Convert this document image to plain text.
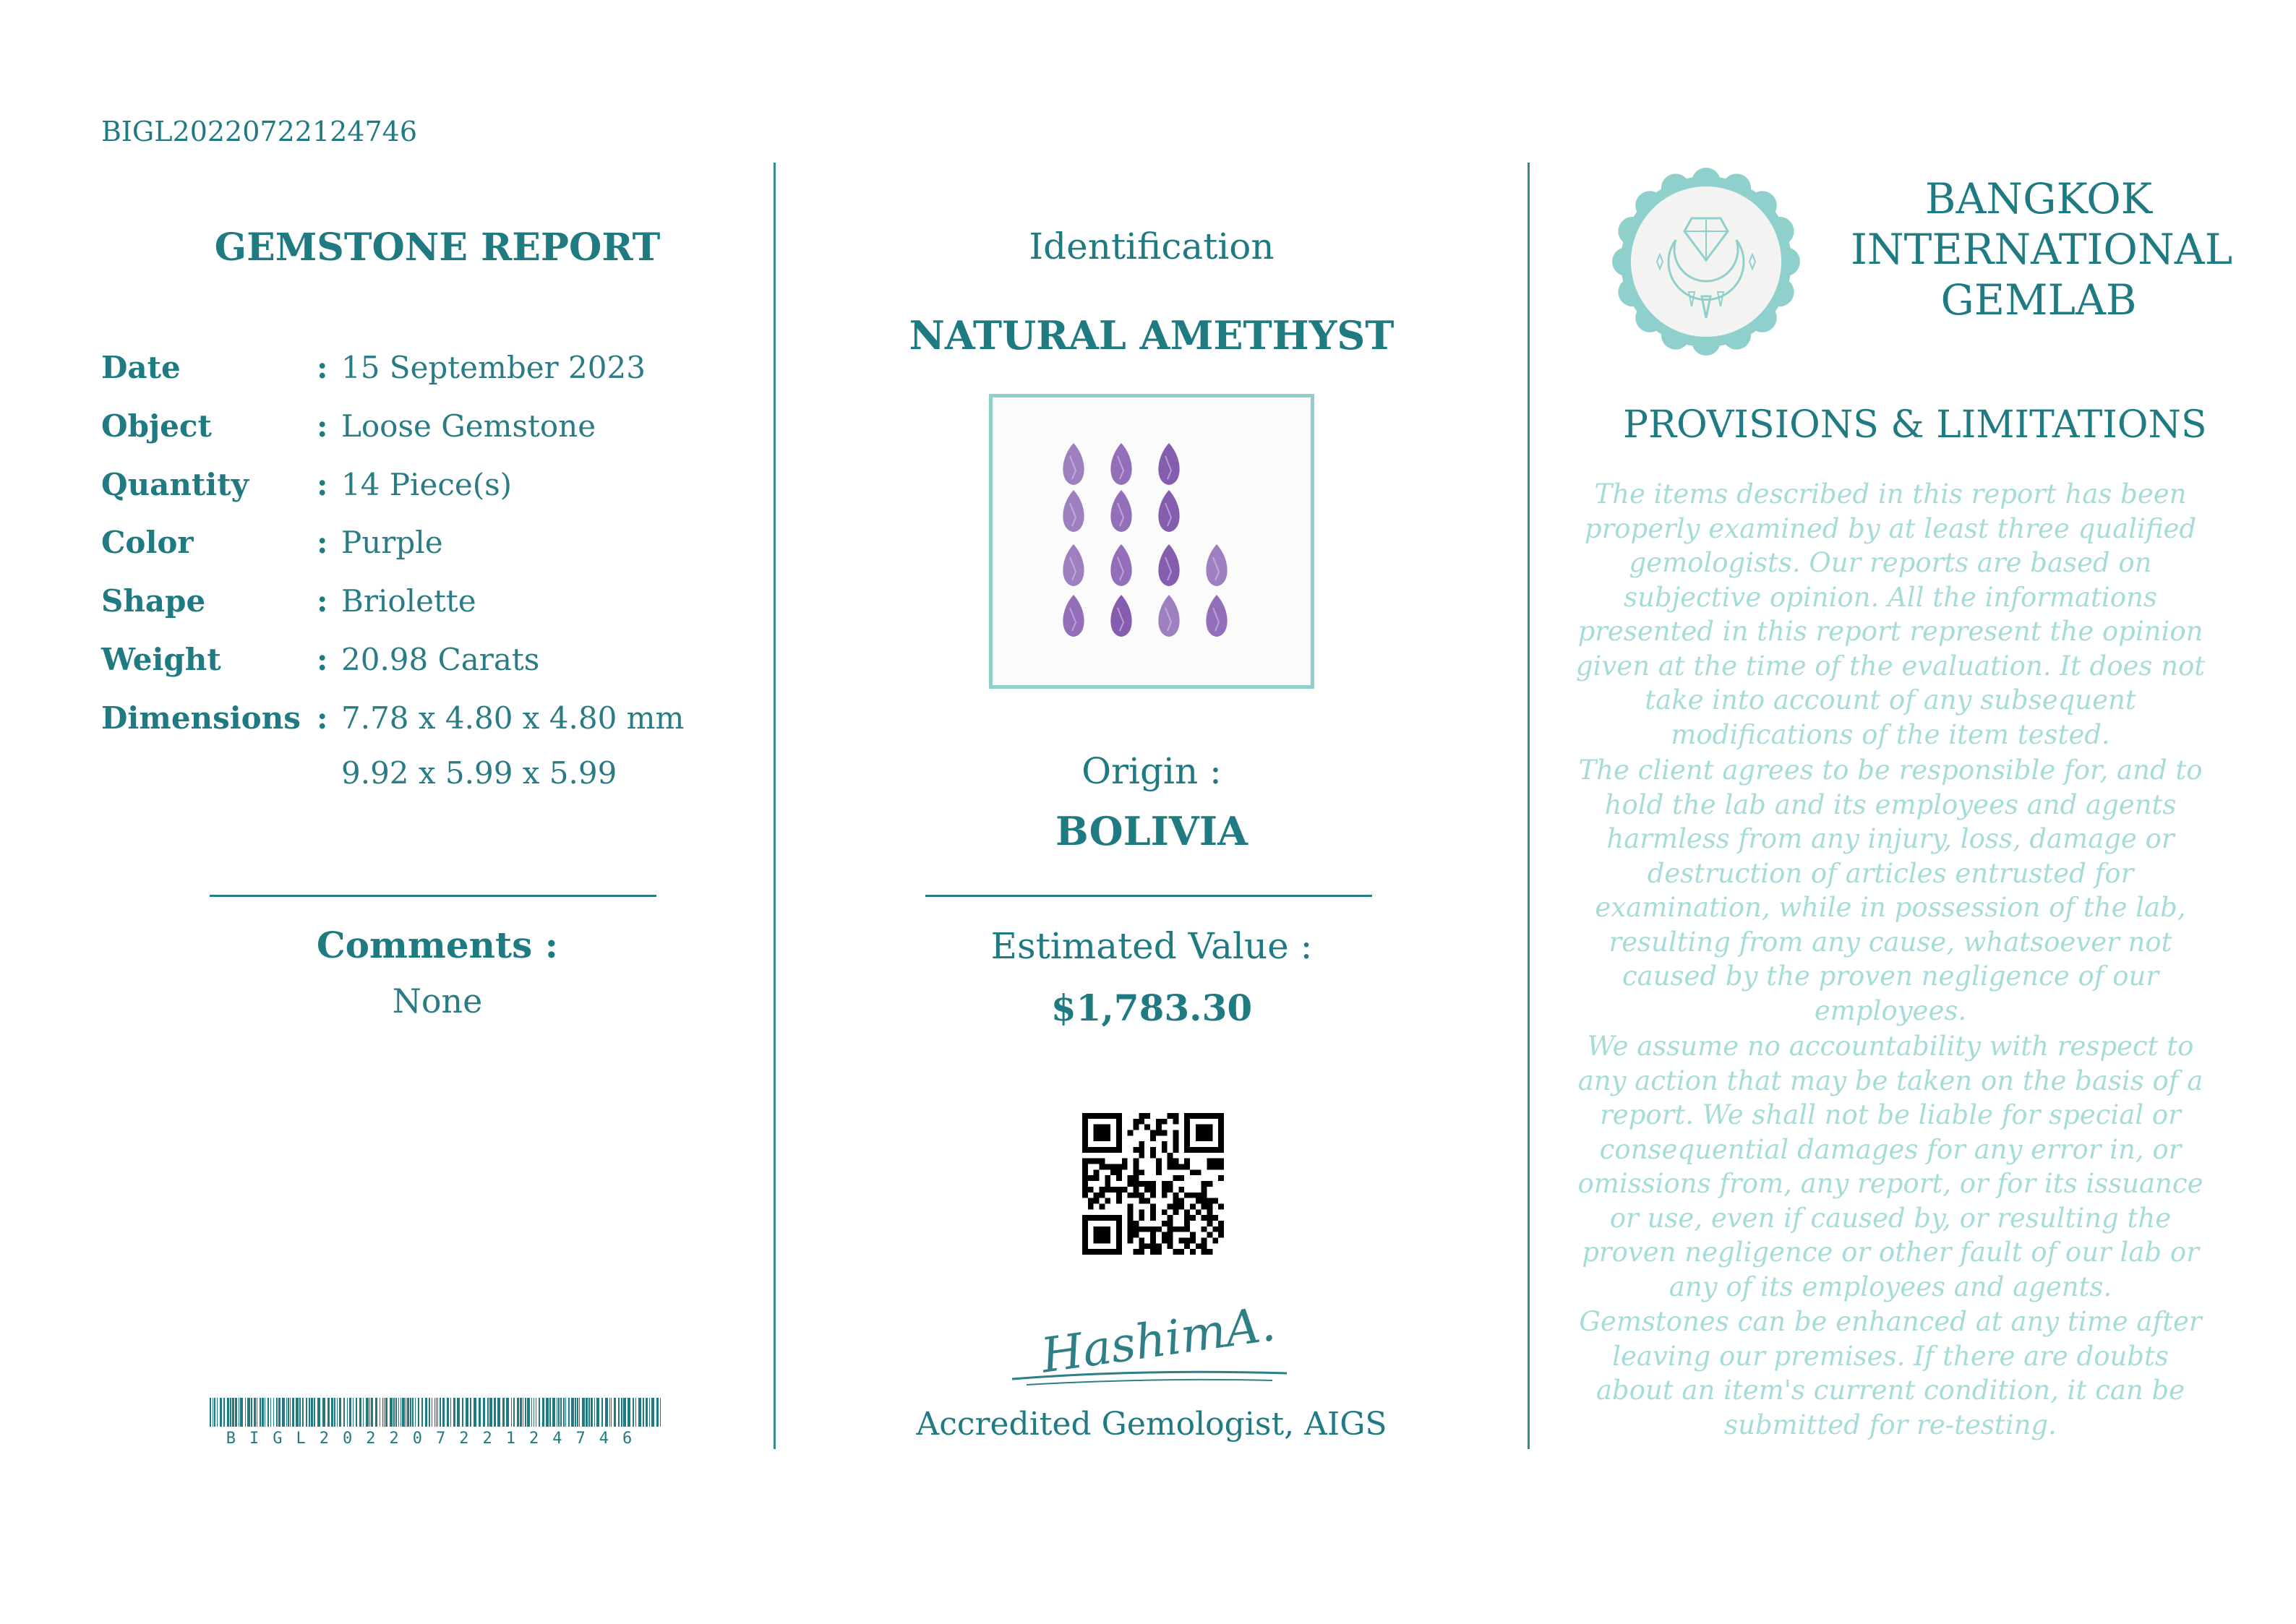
BIGL20220722124746
GEMSTONE REPORT
Date	: 15 September 2023
Object	: Loose Gemstone
Quantity	: 14 Piece(s)
Color	: Purple
Shape	: Briolette
Weight	: 20.98 Carats
Dimensions : 7.78 x 4.80 x 4.80 mm
9.92 x 5.99 x 5.99
Comments :
None
BIGL20220722124746
Identification
NATURAL AMETHYST
Origin :
BOLIVIA
Estimated Value :
$1,783.30
HashimA.
Accredited Gemologist, AIGS
BANGKOK
INTERNATIONAL
GEMLAB
PROVISIONS & LIMITATIONS
The items described in this report has been properly examined by at least three qualified gemologists. Our reports are based on subjective opinion. All the informations presented in this report represent the opinion given at the time of the evaluation. It does not take into account of any subsequent modifications of the item tested.
The client agrees to be responsible for, and to hold the lab and its employees and agents harmless from any injury, loss, damage or destruction of articles entrusted for examination, while in possession of the lab, resulting from any cause, whatsoever not caused by the proven negligence of our employees.
We assume no accountability with respect to any action that may be taken on the basis of a report. We shall not be liable for special or consequential damages for any error in, or omissions from, any report, or for its issuance or use, even if caused by, or resulting the proven negligence or other fault of our lab or any of its employees and agents.
Gemstones can be enhanced at any time after leaving our premises. If there are doubts about an item's current condition, it can be submitted for re-testing.
